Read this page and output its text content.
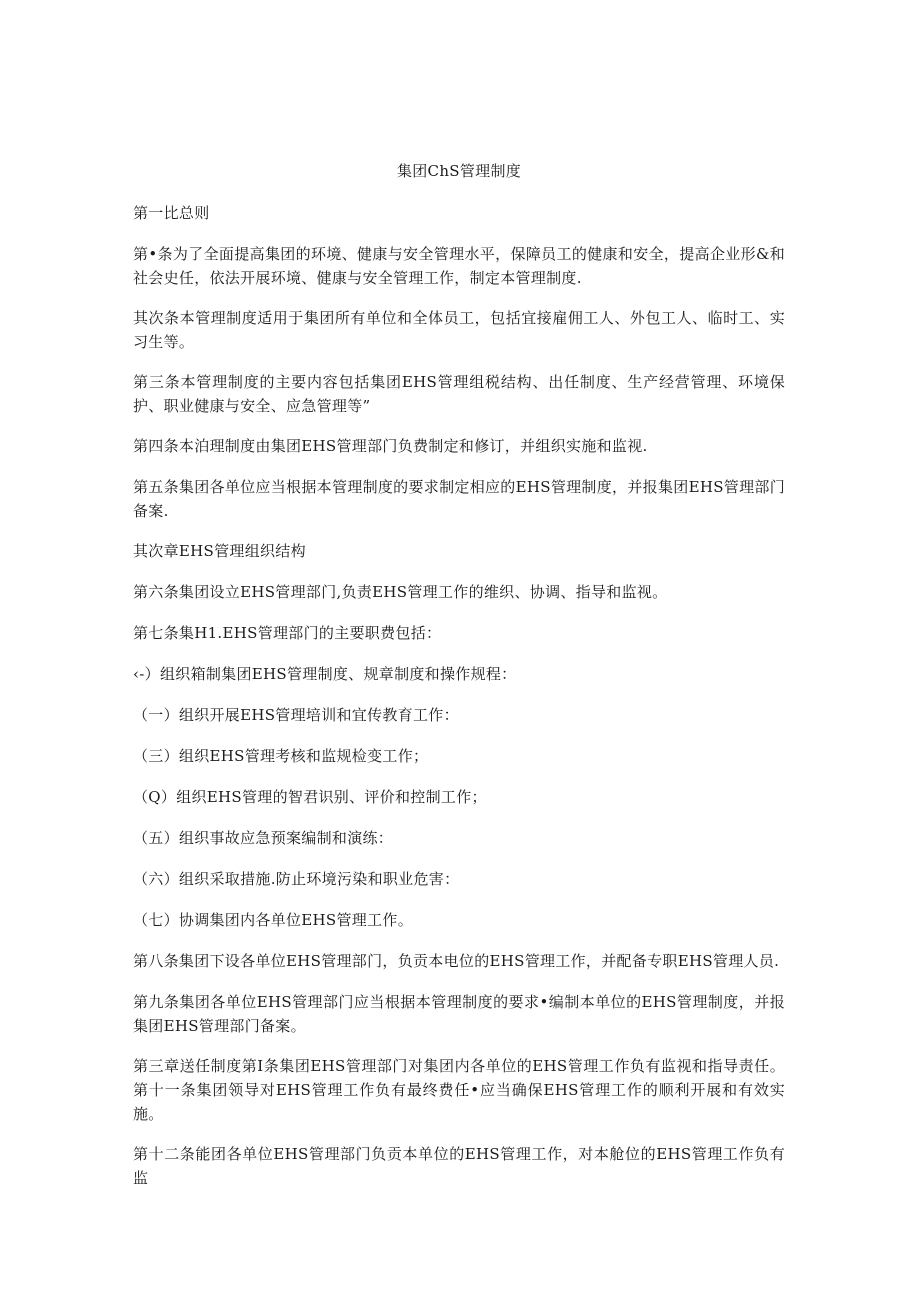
集团ChS管理制度
第一比总则
第•条为了全面提高集团的环境、健康与安全管理水平，保障员工的健康和安全，提高企业形&和社会史任，依法开展环境、健康与安全管理工作，制定本管理制度.
其次条本管理制度适用于集团所有单位和全体员工，包括宜接雇佣工人、外包工人、临时工、实习生等。
第三条本管理制度的主要内容包括集团EHS管理组税结构、出任制度、生产经营管理、环境保护、职业健康与安全、应急管理等”
第四条本泊理制度由集团EHS管理部门负费制定和修订，并组织实施和监视.
第五条集团各单位应当根据本管理制度的要求制定相应的EHS管理制度，并报集团EHS管理部门备案.
其次章EHS管理组织结构
第六条集团设立EHS管理部门,负责EHS管理工作的维织、协调、指导和监视。
第七条集H1.EHS管理部门的主要职费包括：
‹-）组织箱制集团EHS管理制度、规章制度和操作规程：
（一）组织开展EHS管理培训和宜传教育工作：
（三）组织EHS管理考核和监规检变工作；
（Q）组织EHS管理的智君识别、评价和控制工作；
（五）组织事故应急预案编制和演练：
（六）组织采取措施.防止环境污染和职业危害：
（七）协调集团内各单位EHS管理工作。
第八条集团下设各单位EHS管理部门，负贡本电位的EHS管理工作，并配备专职EHS管理人员.
第九条集团各单位EHS管理部门应当根据本管理制度的要求•编制本单位的EHS管理制度，并报集团EHS管理部门备案。
第三章送任制度第I条集团EHS管理部门对集团内各单位的EHS管理工作负有监视和指导责任。第十一条集团领导对EHS管理工作负有最终费任•应当确保EHS管理工作的顺利开展和有效实施。
第十二条能团各单位EHS管理部门负贡本单位的EHS管理工作，对本舱位的EHS管理工作负有监
